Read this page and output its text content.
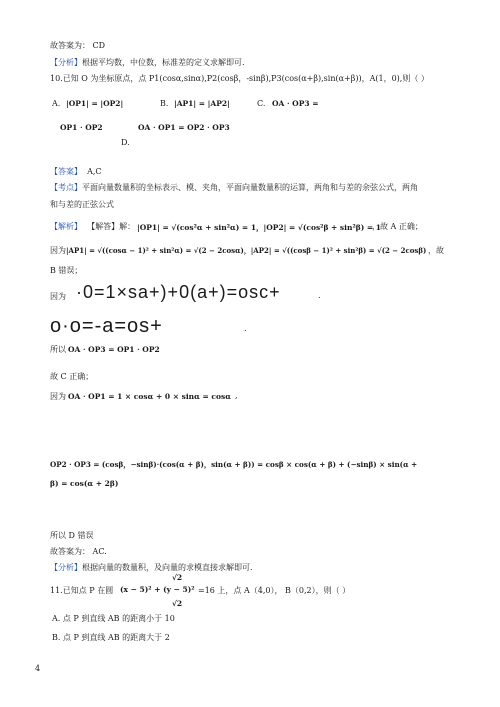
故答案为： CD
【分析】根据平均数，中位数，标准差的定义求解即可.
10.已知 O 为坐标原点，点 P1(cosα,sinα),P2(cosβ，-sinβ),P3(cos(α+β),sin(α+β))，A(1，0),则（ ）
A. |OP1| = |OP2|	B. |AP1| = |AP2|	C. OA · OP3 =
OP1 · OP2	OA · OP1 = OP2 · OP3
D.
【答案】 A,C
【考点】平面向量数量积的坐标表示、模、夹角，平面向量数量积的运算，两角和与差的余弦公式，两角
和与差的正弦公式
【解析】 【解答】解： |OP1| = √(cos²α + sin²α) = 1，|OP2| = √(cos²β + sin²β) = 1
，故 A 正确；
因为 |AP1| = √((cosα − 1)² + sin²α) = √(2 − 2cosα)，|AP2| = √((cosβ − 1)² + sin²β) = √(2 − 2cosβ) ，故
B 错误；
因为 ·0=1×sa+)+0(a+)=osc+	.
o·o=-a=os+	.
所以 OA · OP3 = OP1 · OP2
故 C 正确；
因为 OA · OP1 = 1 × cosα + 0 × sinα = cosα ,
OP2 · OP3 = (cosβ，−sinβ)·(cos(α + β)，sin(α + β)) = cosβ × cos(α + β) + (−sinβ) × sin(α +
β) = cos(α + 2β)
所以 D 错误
故答案为： AC.
【分析】根据向量的数量积，及向量的求模直接求解即可.
√2
11.已知点 P 在圆 (x − 5)² + (y − 5)² =16 上，点 A（4,0）， B（0,2），则（ ）
√2
A. 点 P 到直线 AB 的距离小于 10
B. 点 P 到直线 AB 的距离大于 2
4
